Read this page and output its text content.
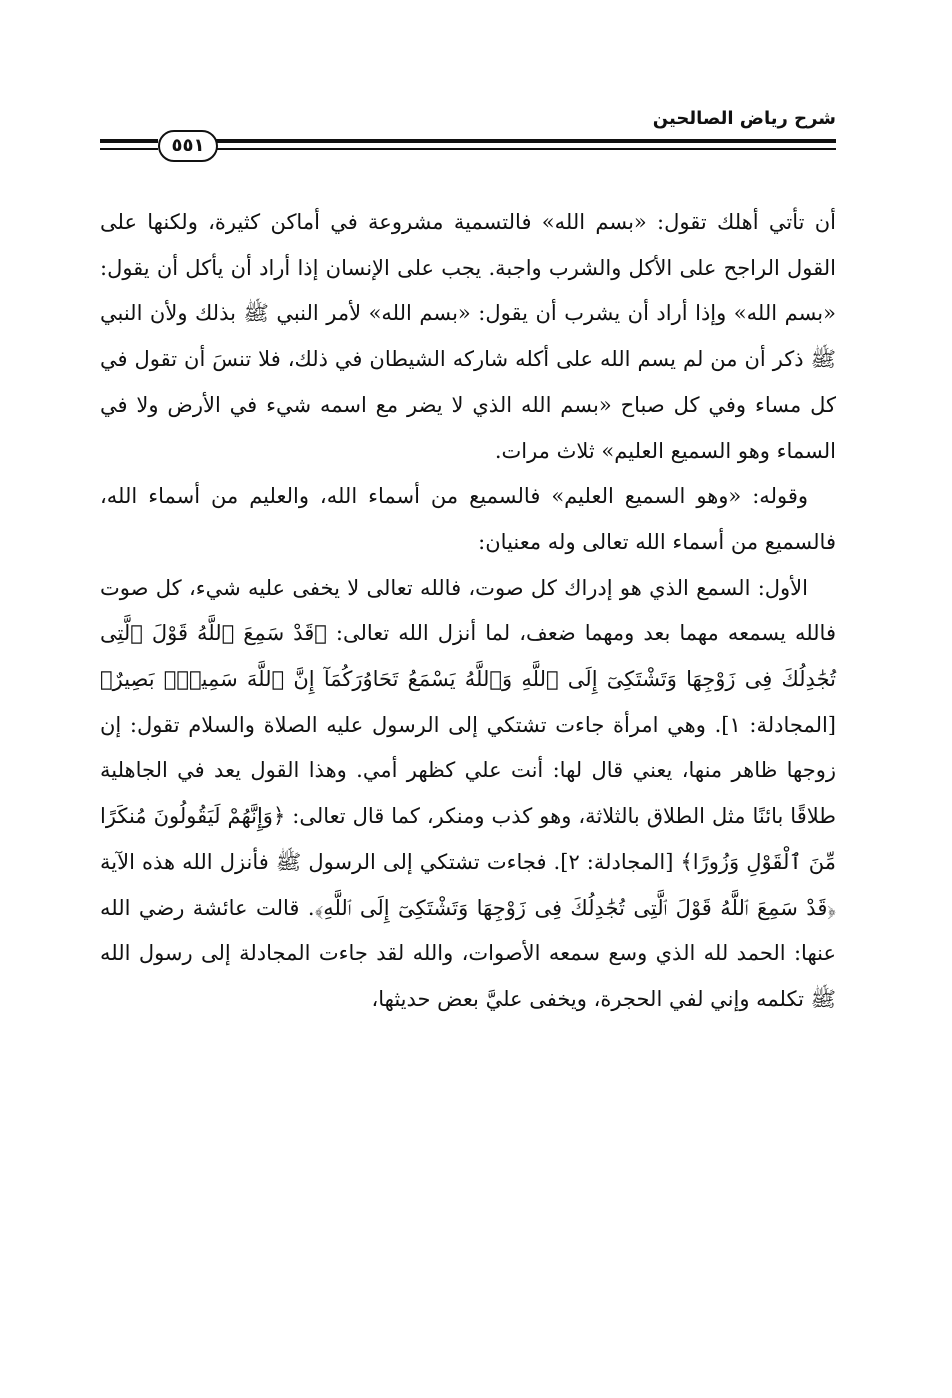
شرح رياض الصالحين
٥٥١

أن تأتي أهلك تقول: «بسم الله» فالتسمية مشروعة في أماكن كثيرة، ولكنها على القول الراجح على الأكل والشرب واجبة. يجب على الإنسان إذا أراد أن يأكل أن يقول: «بسم الله» وإذا أراد أن يشرب أن يقول: «بسم الله» لأمر النبي ﷺ بذلك ولأن النبي ﷺ ذكر أن من لم يسم الله على أكله شاركه الشيطان في ذلك، فلا تنسَ أن تقول في كل مساء وفي كل صباح «بسم الله الذي لا يضر مع اسمه شيء في الأرض ولا في السماء وهو السميع العليم» ثلاث مرات.

وقوله: «وهو السميع العليم» فالسميع من أسماء الله، والعليم من أسماء الله، فالسميع من أسماء الله تعالى وله معنيان:

الأول: السمع الذي هو إدراك كل صوت، فالله تعالى لا يخفى عليه شيء، كل صوت فالله يسمعه مهما بعد ومهما ضعف، لما أنزل الله تعالى: ﴿قَدْ سَمِعَ ٱللَّهُ قَوْلَ ٱلَّتِى تُجَٰدِلُكَ فِى زَوْجِهَا وَتَشْتَكِىٓ إِلَى ٱللَّهِ وَٱللَّهُ يَسْمَعُ تَحَاوُرَكُمَآ إِنَّ ٱللَّهَ سَمِيعٌۢ بَصِيرٌ﴾ [المجادلة: ١]. وهي امرأة جاءت تشتكي إلى الرسول عليه الصلاة والسلام تقول: إن زوجها ظاهر منها، يعني قال لها: أنت علي كظهر أمي. وهذا القول يعد في الجاهلية طلاقًا بائنًا مثل الطلاق بالثلاثة، وهو كذب ومنكر، كما قال تعالى: ﴿وَإِنَّهُمْ لَيَقُولُونَ مُنكَرًا مِّنَ ٱلْقَوْلِ وَزُورًا﴾ [المجادلة: ٢]. فجاءت تشتكي إلى الرسول ﷺ فأنزل الله هذه الآية ﴿قَدْ سَمِعَ ٱللَّهُ قَوْلَ ٱلَّتِى تُجَٰدِلُكَ فِى زَوْجِهَا وَتَشْتَكِىٓ إِلَى ٱللَّهِ﴾. قالت عائشة رضي الله عنها: الحمد لله الذي وسع سمعه الأصوات، والله لقد جاءت المجادلة إلى رسول الله ﷺ تكلمه وإني لفي الحجرة، ويخفى عليَّ بعض حديثها،
